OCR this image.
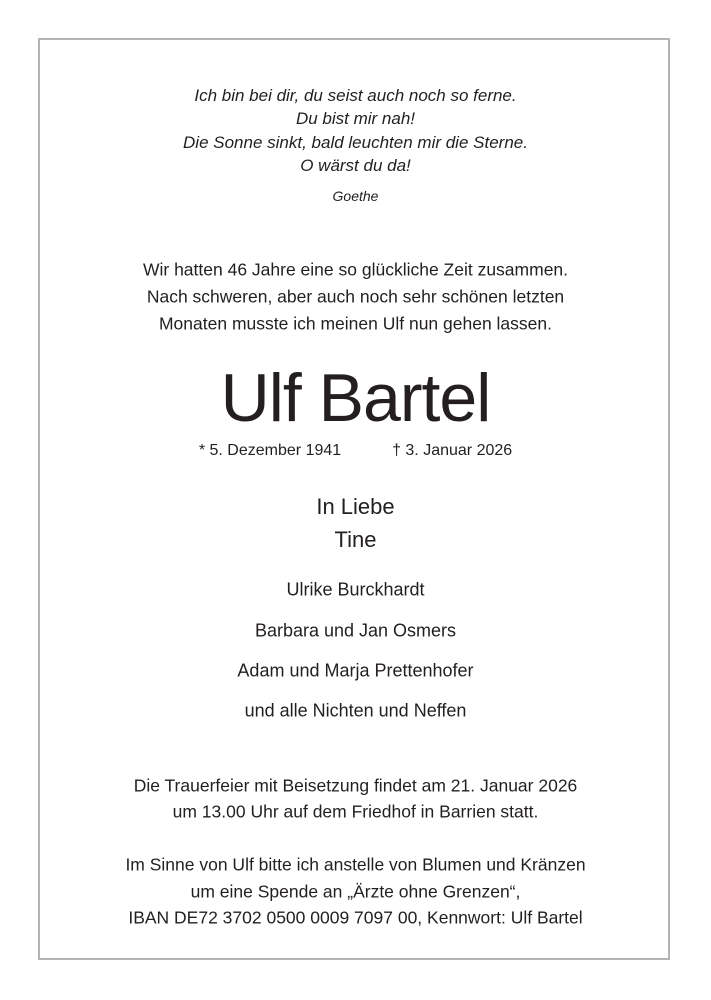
Ich bin bei dir, du seist auch noch so ferne.
Du bist mir nah!
Die Sonne sinkt, bald leuchten mir die Sterne.
O wärst du da!
Goethe
Wir hatten 46 Jahre eine so glückliche Zeit zusammen.
Nach schweren, aber auch noch sehr schönen letzten
Monaten musste ich meinen Ulf nun gehen lassen.
Ulf Bartel
* 5. Dezember 1941	† 3. Januar 2026
In Liebe
Tine
Ulrike Burckhardt
Barbara und Jan Osmers
Adam und Marja Prettenhofer
und alle Nichten und Neffen
Die Trauerfeier mit Beisetzung findet am 21. Januar 2026
um 13.00 Uhr auf dem Friedhof in Barrien statt.
Im Sinne von Ulf bitte ich anstelle von Blumen und Kränzen
um eine Spende an „Ärzte ohne Grenzen“,
IBAN DE72 3702 0500 0009 7097 00, Kennwort: Ulf Bartel
